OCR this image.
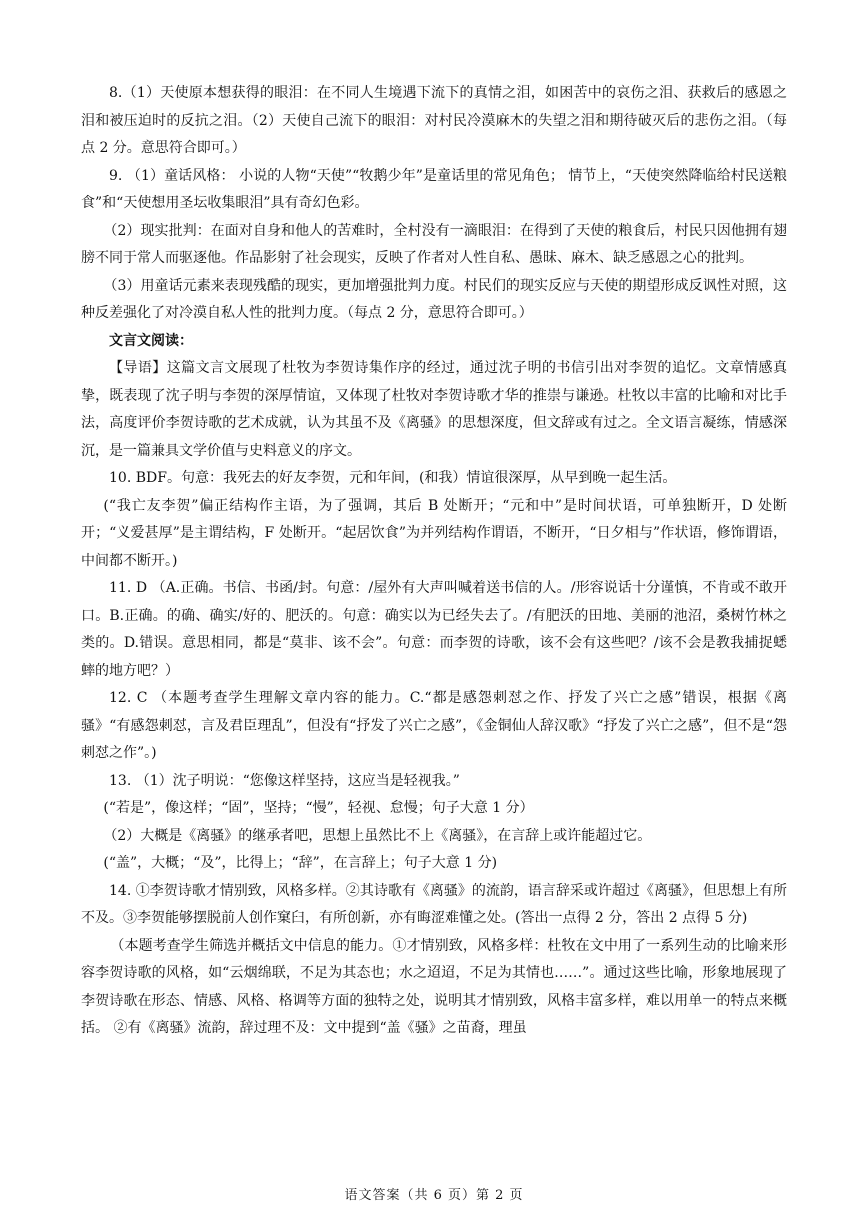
8.（1）天使原本想获得的眼泪：在不同人生境遇下流下的真情之泪，如困苦中的哀伤之泪、获救后的感恩之泪和被压迫时的反抗之泪。（2）天使自己流下的眼泪：对村民冷漠麻木的失望之泪和期待破灭后的悲伤之泪。（每点 2 分。意思符合即可。）

9. （1）童话风格： 小说的人物“天使”“牧鹅少年”是童话里的常见角色； 情节上，“天使突然降临给村民送粮食”和“天使想用圣坛收集眼泪”具有奇幻色彩。

（2）现实批判：在面对自身和他人的苦难时，全村没有一滴眼泪：在得到了天使的粮食后，村民只因他拥有翅膀不同于常人而驱逐他。作品影射了社会现实，反映了作者对人性自私、愚昧、麻木、缺乏感恩之心的批判。

（3）用童话元素来表现残酷的现实，更加增强批判力度。村民们的现实反应与天使的期望形成反讽性对照，这种反差强化了对冷漠自私人性的批判力度。（每点 2 分，意思符合即可。）

文言文阅读：

【导语】这篇文言文展现了杜牧为李贺诗集作序的经过，通过沈子明的书信引出对李贺的追忆。文章情感真挚，既表现了沈子明与李贺的深厚情谊，又体现了杜牧对李贺诗歌才华的推崇与谦逊。杜牧以丰富的比喻和对比手法，高度评价李贺诗歌的艺术成就，认为其虽不及《离骚》的思想深度，但文辞或有过之。全文语言凝练，情感深沉，是一篇兼具文学价值与史料意义的序文。

10. BDF。句意：我死去的好友李贺，元和年间，(和我）情谊很深厚，从早到晚一起生活。

(“我亡友李贺”偏正结构作主语，为了强调，其后 B 处断开；“元和中”是时间状语，可单独断开，D 处断开；“义爱甚厚”是主谓结构，F 处断开。“起居饮食”为并列结构作谓语，不断开，“日夕相与”作状语，修饰谓语，中间都不断开。)

11. D （A.正确。书信、书函/封。句意：/屋外有大声叫喊着送书信的人。/形容说话十分谨慎，不肯或不敢开口。B.正确。的确、确实/好的、肥沃的。句意：确实以为已经失去了。/有肥沃的田地、美丽的池沼，桑树竹林之类的。D.错误。意思相同，都是“莫非、该不会”。句意：而李贺的诗歌，该不会有这些吧？/该不会是教我捕捉蟋蟀的地方吧？）

12. C （本题考查学生理解文章内容的能力。C.“都是感怨刺怼之作、抒发了兴亡之感”错误，根据《离骚》“有感怨刺怼，言及君臣理乱”，但没有“抒发了兴亡之感”，《金铜仙人辞汉歌》“抒发了兴亡之感”，但不是“怨刺怼之作”。)

13. （1）沈子明说：“您像这样坚持，这应当是轻视我。”

(“若是”，像这样；“固”，坚持；“慢”，轻视、怠慢；句子大意 1 分）

（2）大概是《离骚》的继承者吧，思想上虽然比不上《离骚》，在言辞上或许能超过它。

(“盖”，大概；“及”，比得上；“辞”，在言辞上；句子大意 1 分)

14. ①李贺诗歌才情别致，风格多样。②其诗歌有《离骚》的流韵，语言辞采或许超过《离骚》，但思想上有所不及。③李贺能够摆脱前人创作窠臼，有所创新，亦有晦涩难懂之处。(答出一点得 2 分，答出 2 点得 5 分)

（本题考查学生筛选并概括文中信息的能力。①才情别致，风格多样：杜牧在文中用了一系列生动的比喻来形容李贺诗歌的风格，如“云烟绵联，不足为其态也；水之迢迢，不足为其情也……”。通过这些比喻，形象地展现了李贺诗歌在形态、情感、风格、格调等方面的独特之处，说明其才情别致，风格丰富多样，难以用单一的特点来概括。 ②有《离骚》流韵，辞过理不及：文中提到“盖《骚》之苗裔，理虽

语文答案（共 6 页）第 2 页
